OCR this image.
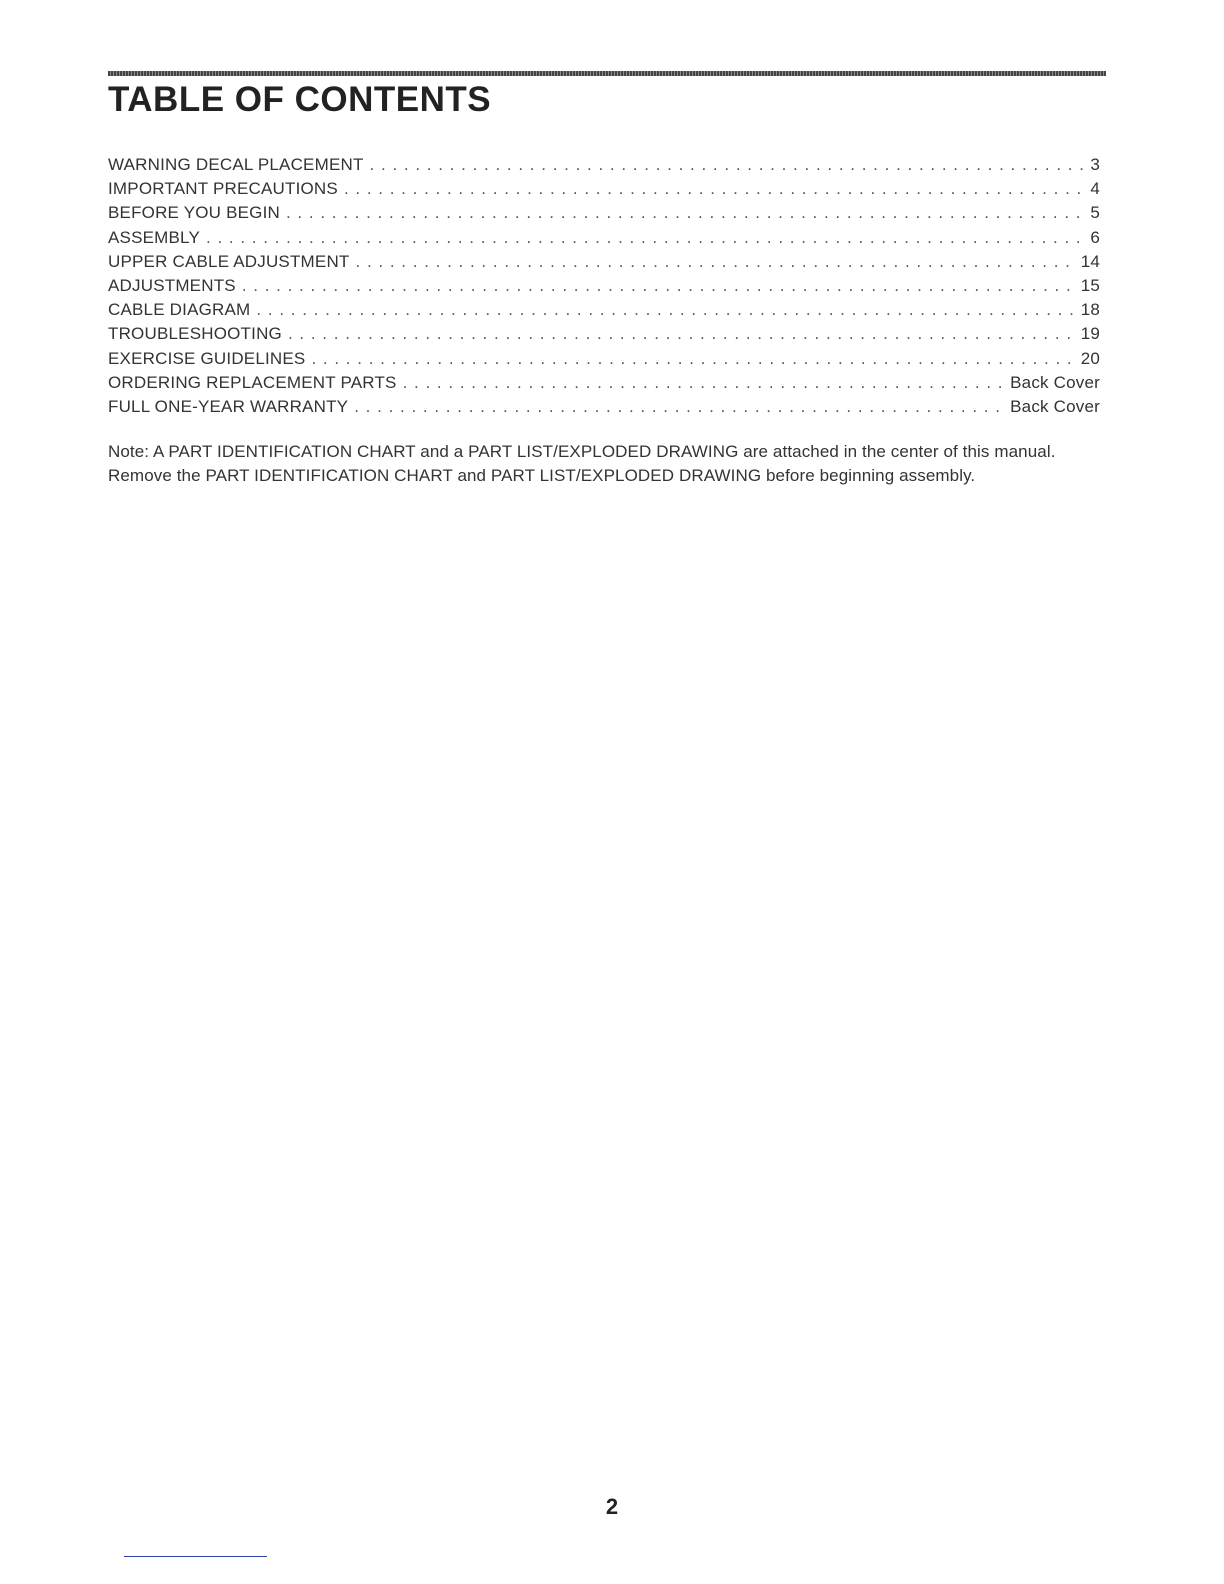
TABLE OF CONTENTS
WARNING DECAL PLACEMENT . . .	3
IMPORTANT PRECAUTIONS . . .	4
BEFORE YOU BEGIN . . .	5
ASSEMBLY . . .	6
UPPER CABLE ADJUSTMENT . . .	14
ADJUSTMENTS . . .	15
CABLE DIAGRAM . . .	18
TROUBLESHOOTING . . .	19
EXERCISE GUIDELINES . . .	20
ORDERING REPLACEMENT PARTS . . .	Back Cover
FULL ONE-YEAR WARRANTY . . .	Back Cover

Note: A PART IDENTIFICATION CHART and a PART LIST/EXPLODED DRAWING are attached in the center of this manual. Remove the PART IDENTIFICATION CHART and PART LIST/EXPLODED DRAWING before beginning assembly.

2
